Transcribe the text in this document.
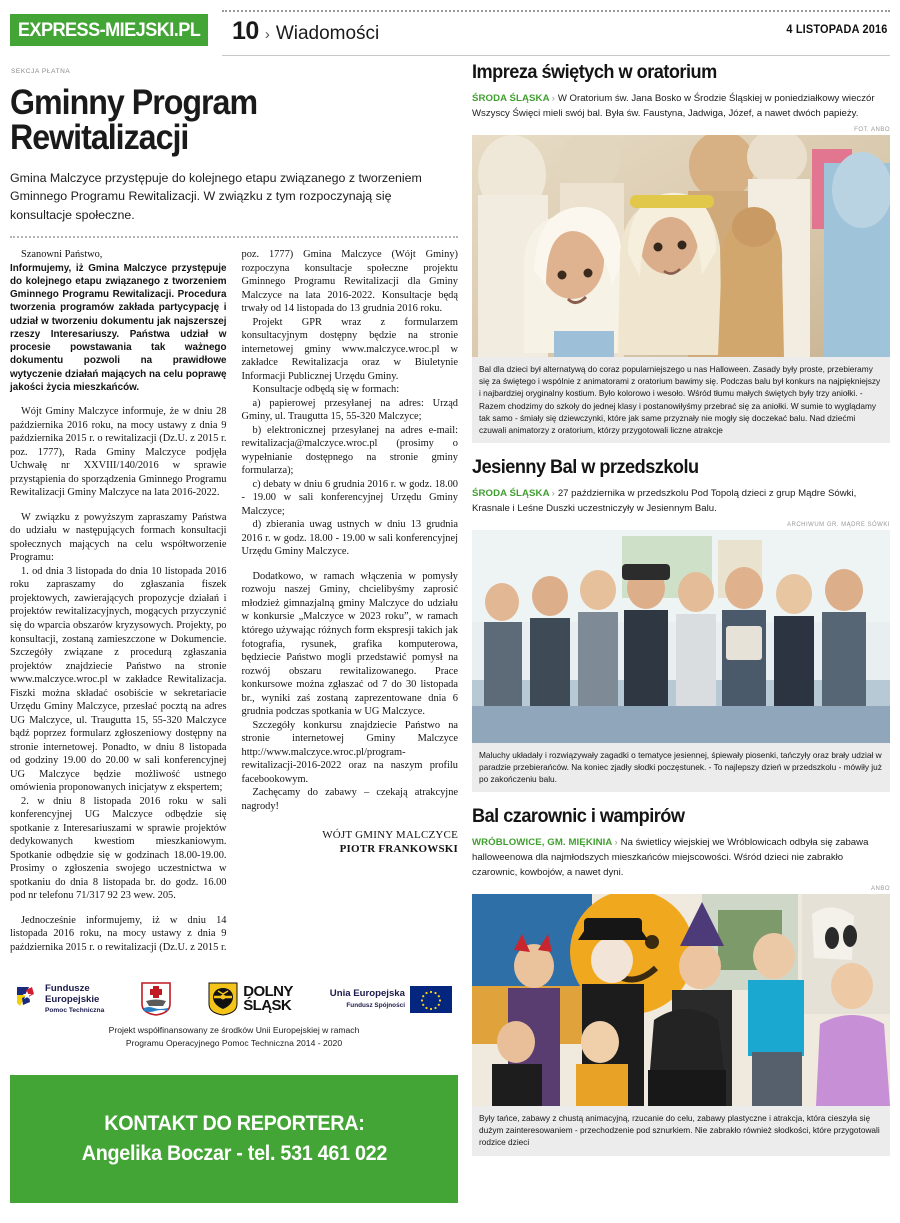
EXPRESS-MIEJSKI.PL 10 › Wiadomości	4 LISTOPADA 2016
SEKCJA PŁATNA
Gminny Program Rewitalizacji
Gmina Malczyce przystępuje do kolejnego etapu związanego z tworzeniem Gminnego Programu Rewitalizacji. W związku z tym rozpoczynają się konsultacje społeczne.

Szanowni Państwo,

Informujemy, iż Gmina Malczyce przystępuje do kolejnego etapu związanego z tworzeniem Gminnego Programu Rewitalizacji. Procedura tworzenia programów zakłada partycypację i udział w tworzeniu dokumentu jak najszerszej rzeszy Interesariuszy. Państwa udział w procesie powstawania tak ważnego dokumentu pozwoli na prawidłowe wytyczenie działań mających na celu poprawę jakości życia mieszkańców.

Wójt Gminy Malczyce informuje, że w dniu 28 października 2016 roku, na mocy ustawy z dnia 9 października 2015 r. o rewitalizacji (Dz.U. z 2015 r. poz. 1777), Rada Gminy Malczyce podjęła Uchwałę nr XXVIII/140/2016 w sprawie przystąpienia do sporządzenia Gminnego Programu Rewitalizacji Gminy Malczyce na lata 2016-2022.

W związku z powyższym zapraszamy Państwa do udziału w następujących formach konsultacji społecznych mających na celu współtworzenie Programu:

1. od dnia 3 listopada do dnia 10 listopada 2016 roku zapraszamy do zgłaszania fiszek projektowych, zawierających propozycje działań i projektów rewitalizacyjnych, mogących przyczynić się do wparcia obszarów kryzysowych. Projekty, po konsultacji, zostaną zamieszczone w Dokumencie. Szczegóły związane z procedurą zgłaszania projektów znajdziecie Państwo na stronie www.malczyce.wroc.pl w zakładce Rewitalizacja. Fiszki można składać osobiście w sekretariacie Urzędu Gminy Malczyce, przesłać pocztą na adres UG Malczyce, ul. Traugutta 15, 55-320 Malczyce bądź poprzez formularz zgłoszeniowy dostępny na stronie internetowej. Ponadto, w dniu 8 listopada od godziny 19.00 do 20.00 w sali konferencyjnej UG Malczyce będzie możliwość ustnego omówienia proponowanych inicjatyw z ekspertem;

2. w dniu 8 listopada 2016 roku w sali konferencyjnej UG Malczyce odbędzie się spotkanie z Interesariuszami w sprawie projektów dedykowanych kwestiom mieszkaniowym. Spotkanie odbędzie się w godzinach 18.00-19.00. Prosimy o zgłoszenia swojego uczestnictwa w spotkaniu do dnia 8 listopada br. do godz. 16.00 pod nr telefonu 71/317 92 23 wew. 205.

Jednocześnie informujemy, iż w dniu 14 listopada 2016 roku, na mocy ustawy z dnia 9 października 2015 r. o rewitalizacji (Dz.U. z 2015 r. poz. 1777) Gmina Malczyce (Wójt Gminy) rozpoczyna konsultacje społeczne projektu Gminnego Programu Rewitalizacji dla Gminy Malczyce na lata 2016-2022. Konsultacje będą trwały od 14 listopada do 13 grudnia 2016 roku.

Projekt GPR wraz z formularzem konsultacyjnym dostępny będzie na stronie internetowej gminy www.malczyce.wroc.pl w zakładce Rewitalizacja oraz w Biuletynie Informacji Publicznej Urzędu Gminy.

Konsultacje odbędą się w formach:

a) papierowej przesyłanej na adres: Urząd Gminy, ul. Traugutta 15, 55-320 Malczyce;

b) elektronicznej przesyłanej na adres e-mail: rewitalizacja@malczyce.wroc.pl (prosimy o wypełnianie dostępnego na stronie gminy formularza);

c) debaty w dniu 6 grudnia 2016 r. w godz. 18.00 - 19.00 w sali konferencyjnej Urzędu Gminy Malczyce;

d) zbierania uwag ustnych w dniu 13 grudnia 2016 r. w godz. 18.00 - 19.00 w sali konferencyjnej Urzędu Gminy Malczyce.

Dodatkowo, w ramach włączenia w pomysły rozwoju naszej Gminy, chcielibyśmy zaprosić młodzież gimnazjalną gminy Malczyce do udziału w konkursie „Malczyce w 2023 roku”, w ramach którego używając różnych form ekspresji takich jak fotografia, rysunek, grafika komputerowa, będziecie Państwo mogli przedstawić pomysł na rozwój obszaru rewitalizowanego. Prace konkursowe można zgłaszać od 7 do 30 listopada br., wyniki zaś zostaną zaprezentowane dnia 6 grudnia podczas spotkania w UG Malczyce.

Szczegóły konkursu znajdziecie Państwo na stronie internetowej Gminy Malczyce http://www.malczyce.wroc.pl/program-rewitalizacji-2016-2022 oraz na naszym profilu facebookowym.

Zachęcamy do zabawy – czekają atrakcyjne nagrody!

WÓJT GMINY MALCZYCE

PIOTR FRANKOWSKI

Fundusze
Europejskie
Pomoc Techniczna
DOLNY
ŚLĄSK
Unia Europejska
Fundusz Spójności
Projekt współfinansowany ze środków Unii Europejskiej w ramach
Programu Operacyjnego Pomoc Techniczna 2014 - 2020
KONTAKT DO REPORTERA:
Angelika Boczar - tel. 531 461 022
Impreza świętych w oratorium

ŚRODA ŚLĄSKA › W Oratorium św. Jana Bosko w Środzie Śląskiej w poniedziałkowy wieczór Wszyscy Święci mieli swój bal. Była św. Faustyna, Jadwiga, Józef, a nawet dwóch papieży.

FOT. ANBO
Bal dla dzieci był alternatywą do coraz popularniejszego u nas Halloween. Zasady były proste, przebieramy się za świętego i wspólnie z animatorami z oratorium bawimy się. Podczas balu był konkurs na najpiękniejszy i najbardziej oryginalny kostium. Było kolorowo i wesoło. Wśród tłumu małych świętych były trzy aniołki. - Razem chodzimy do szkoły do jednej klasy i postanowiłyśmy przebrać się za aniołki. W sumie to wyglądamy tak samo - śmiały się dziewczynki, które jak same przyznały nie mogły się doczekać balu. Nad dziećmi czuwali animatorzy z oratorium, którzy przygotowali liczne atrakcje
Jesienny Bal w przedszkolu

ŚRODA ŚLĄSKA › 27 października w przedszkolu Pod Topolą dzieci z grup Mądre Sówki, Krasnale i Leśne Duszki uczestniczyły w Jesiennym Balu.

ARCHIWUM GR. MĄDRE SÓWKI
Maluchy układały i rozwiązywały zagadki o tematyce jesiennej, śpiewały piosenki, tańczyły oraz brały udział w paradzie przebierańców. Na koniec zjadły słodki poczęstunek. - To najlepszy dzień w przedszkolu - mówiły już po zakończeniu balu.
Bal czarownic i wampirów

WRÓBLOWICE, GM. MIĘKINIA › Na świetlicy wiejskiej we Wróblowicach odbyła się zabawa halloweenowa dla najmłodszych mieszkańców miejscowości. Wśród dzieci nie zabrakło czarownic, kowbojów, a nawet dyni.

ANBO
Były tańce, zabawy z chustą animacyjną, rzucanie do celu, zabawy plastyczne i atrakcja, która cieszyła się dużym zainteresowaniem - przechodzenie pod sznurkiem. Nie zabrakło również słodkości, które przygotowali rodzice dzieci
